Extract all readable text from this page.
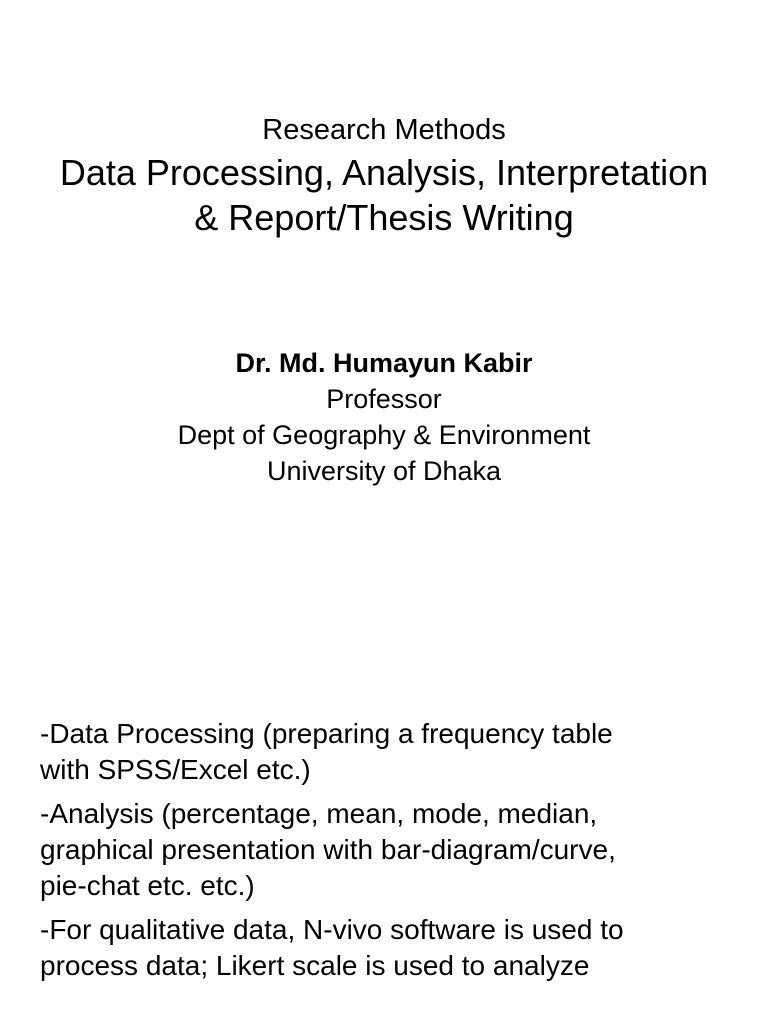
Research Methods
Data Processing, Analysis, Interpretation
& Report/Thesis Writing
Dr. Md. Humayun Kabir
Professor
Dept of Geography & Environment
University of Dhaka
-Data Processing (preparing a frequency table
with SPSS/Excel etc.)
-Analysis (percentage, mean, mode, median,
graphical presentation with bar-diagram/curve,
pie-chat etc. etc.)
-For qualitative data, N-vivo software is used to
process data; Likert scale is used to analyze
